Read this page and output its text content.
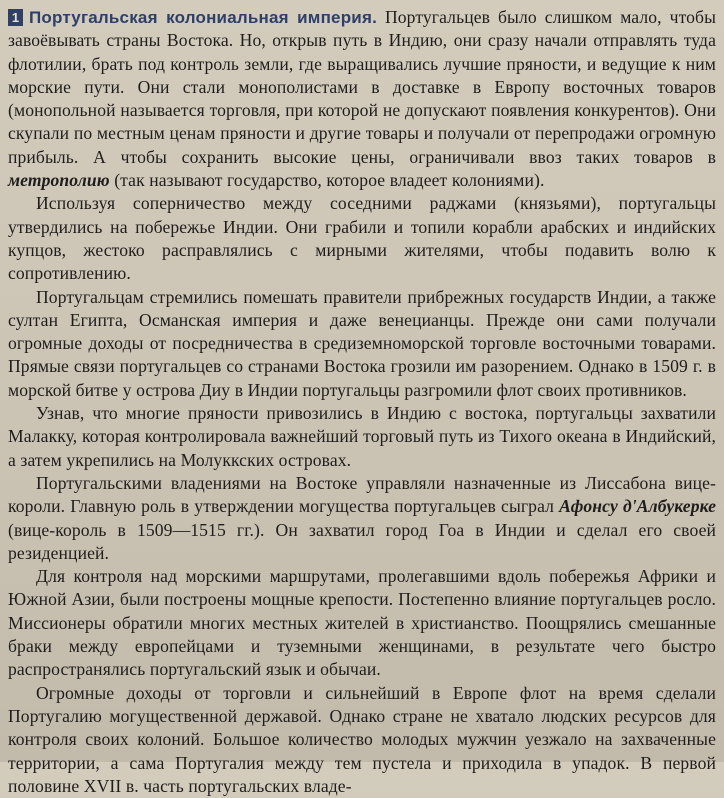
1 Португальская колониальная империя. Португальцев было слишком мало, чтобы завоёвывать страны Востока. Но, открыв путь в Индию, они сразу начали отправлять туда флотилии, брать под контроль земли, где выращивались лучшие пряности, и ведущие к ним морские пути. Они стали монополистами в доставке в Европу восточных товаров (монопольной называется торговля, при которой не допускают появления конкурентов). Они скупали по местным ценам пряности и другие товары и получали от перепродажи огромную прибыль. А чтобы сохранить высокие цены, ограничивали ввоз таких товаров в метрополию (так называют государство, которое владеет колониями).

Используя соперничество между соседними раджами (князьями), португальцы утвердились на побережье Индии. Они грабили и топили корабли арабских и индийских купцов, жестоко расправлялись с мирными жителями, чтобы подавить волю к сопротивлению.

Португальцам стремились помешать правители прибрежных государств Индии, а также султан Египта, Османская империя и даже венецианцы. Прежде они сами получали огромные доходы от посредничества в средиземноморской торговле восточными товарами. Прямые связи португальцев со странами Востока грозили им разорением. Однако в 1509 г. в морской битве у острова Диу в Индии португальцы разгромили флот своих противников.

Узнав, что многие пряности привозились в Индию с востока, португальцы захватили Малакку, которая контролировала важнейший торговый путь из Тихого океана в Индийский, а затем укрепились на Молуккских островах.

Португальскими владениями на Востоке управляли назначенные из Лиссабона вице-короли. Главную роль в утверждении могущества португальцев сыграл Афонсу д'Албукерке (вице-король в 1509—1515 гг.). Он захватил город Гоа в Индии и сделал его своей резиденцией.

Для контроля над морскими маршрутами, пролегавшими вдоль побережья Африки и Южной Азии, были построены мощные крепости. Постепенно влияние португальцев росло. Миссионеры обратили многих местных жителей в христианство. Поощрялись смешанные браки между европейцами и туземными женщинами, в результате чего быстро распространялись португальский язык и обычаи.

Огромные доходы от торговли и сильнейший в Европе флот на время сделали Португалию могущественной державой. Однако стране не хватало людских ресурсов для контроля своих колоний. Большое количество молодых мужчин уезжало на захваченные территории, а сама Португалия между тем пустела и приходила в упадок. В первой половине XVII в. часть португальских владе-
